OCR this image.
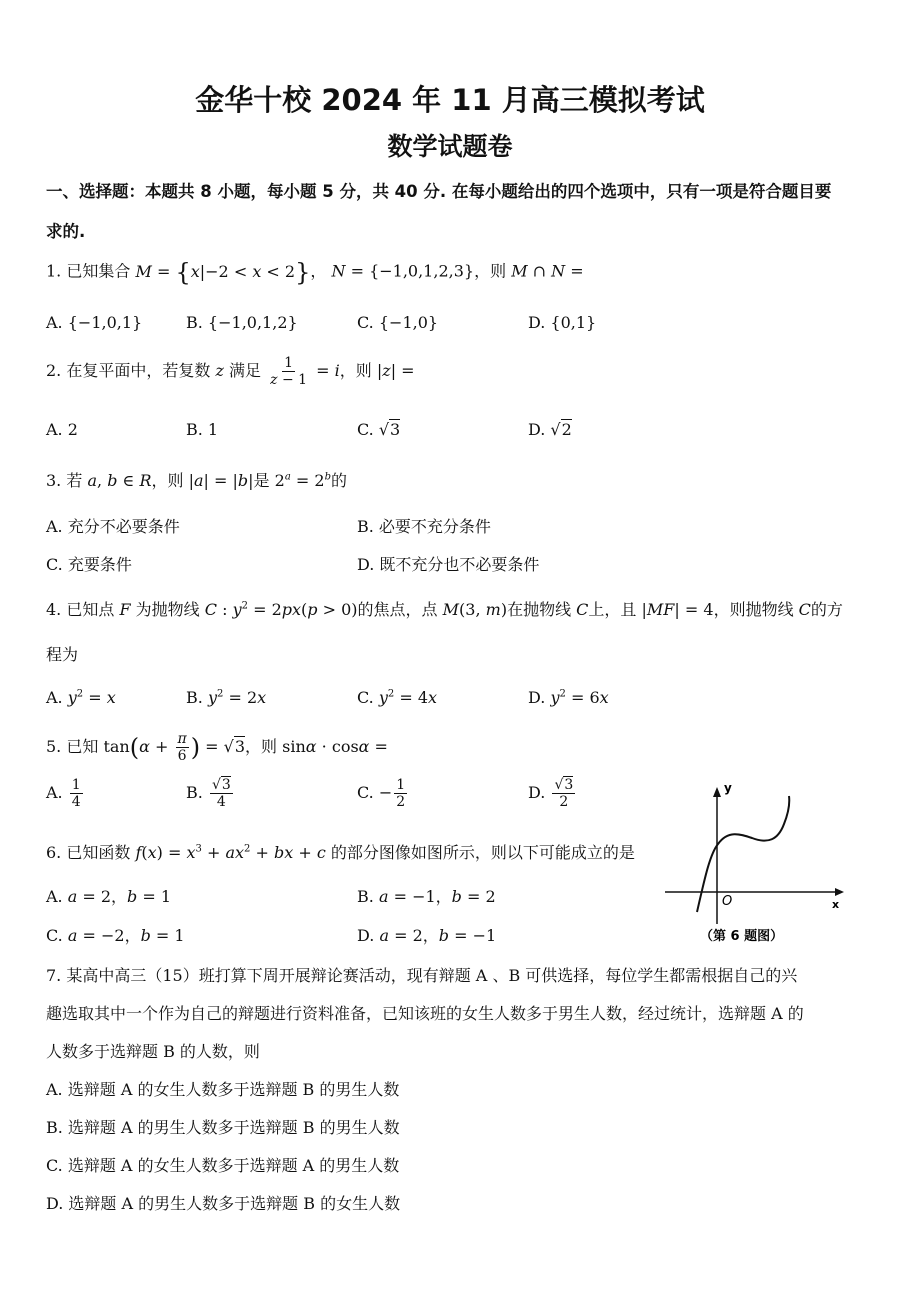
金华十校 2024 年 11 月高三模拟考试
数学试题卷
一、选择题：本题共 8 小题，每小题 5 分，共 40 分. 在每小题给出的四个选项中，只有一项是符合题目要
求的.
1. 已知集合 M = {x|−2 < x < 2}， N = {−1,0,1,2,3}，则 M ∩ N =
A. {−1,0,1}	B. {−1,0,1,2}	C. {−1,0}	D. {0,1}
2. 在复平面中，若复数 z 满足 $\frac{1}{z - 1} = i$，则 |z| =
A. 2	B. 1	C. √3	D. √2
3. 若 a, b ∈ R，则 |a| = |b|是 $2^a = 2^b$的
A. 充分不必要条件	B. 必要不充分条件
C. 充要条件	D. 既不充分也不必要条件
4. 已知点 F 为抛物线 C : $y^2 = 2px(p > 0)$的焦点，点 M(3, m)在抛物线 C上，且 |MF| = 4，则抛物线 C的方
程为
A. $y^2 = x$	B. $y^2 = 2x$	C. $y^2 = 4x$	D. $y^2 = 6x$
5. 已知 $\tan(\alpha + \frac{\pi}{6}$ ) = √3，则 sinα · cosα =
A. $\frac{1}{4}$	B. $\frac{√3}{4}$	C. − $\frac{1}{2}$	D. $\frac{√3}{2}$
6. 已知函数 $f(x) = x^3 + ax^2$ + bx + c 的部分图像如图所示，则以下可能成立的是
A. a = 2，b = 1	B. a = −1，b = 2
C. a = −2，b = 1	D. a = 2，b = −1
y
x
O
（第 6 题图）
7. 某高中高三（15）班打算下周开展辩论赛活动，现有辩题 A 、B 可供选择，每位学生都需根据自己的兴
趣选取其中一个作为自己的辩题进行资料准备，已知该班的女生人数多于男生人数，经过统计，选辩题 A 的
人数多于选辩题 B 的人数，则
A. 选辩题 A 的女生人数多于选辩题 B 的男生人数
B. 选辩题 A 的男生人数多于选辩题 B 的男生人数
C. 选辩题 A 的女生人数多于选辩题 A 的男生人数
D. 选辩题 A 的男生人数多于选辩题 B 的女生人数
